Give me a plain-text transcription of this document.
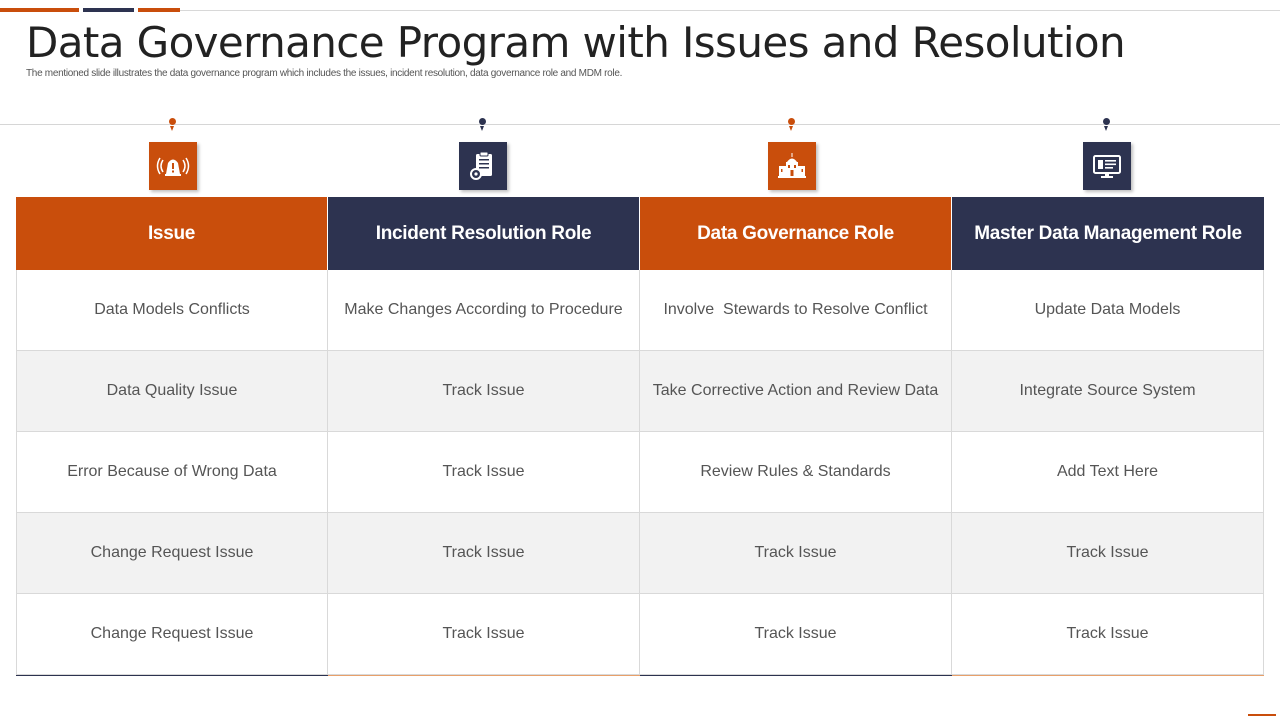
Data Governance Program with Issues and Resolution

The mentioned slide illustrates the data governance program which includes the issues, incident resolution, data governance role and MDM role.

Issue	Incident Resolution Role	Data Governance Role	Master Data Management Role
Data Models Conflicts	Make Changes According to Procedure	Involve  Stewards to Resolve Conflict	Update Data Models
Data Quality Issue	Track Issue	Take Corrective Action and Review Data	Integrate Source System
Error Because of Wrong Data	Track Issue	Review Rules & Standards	Add Text Here
Change Request Issue	Track Issue	Track Issue	Track Issue
Change Request Issue	Track Issue	Track Issue	Track Issue
